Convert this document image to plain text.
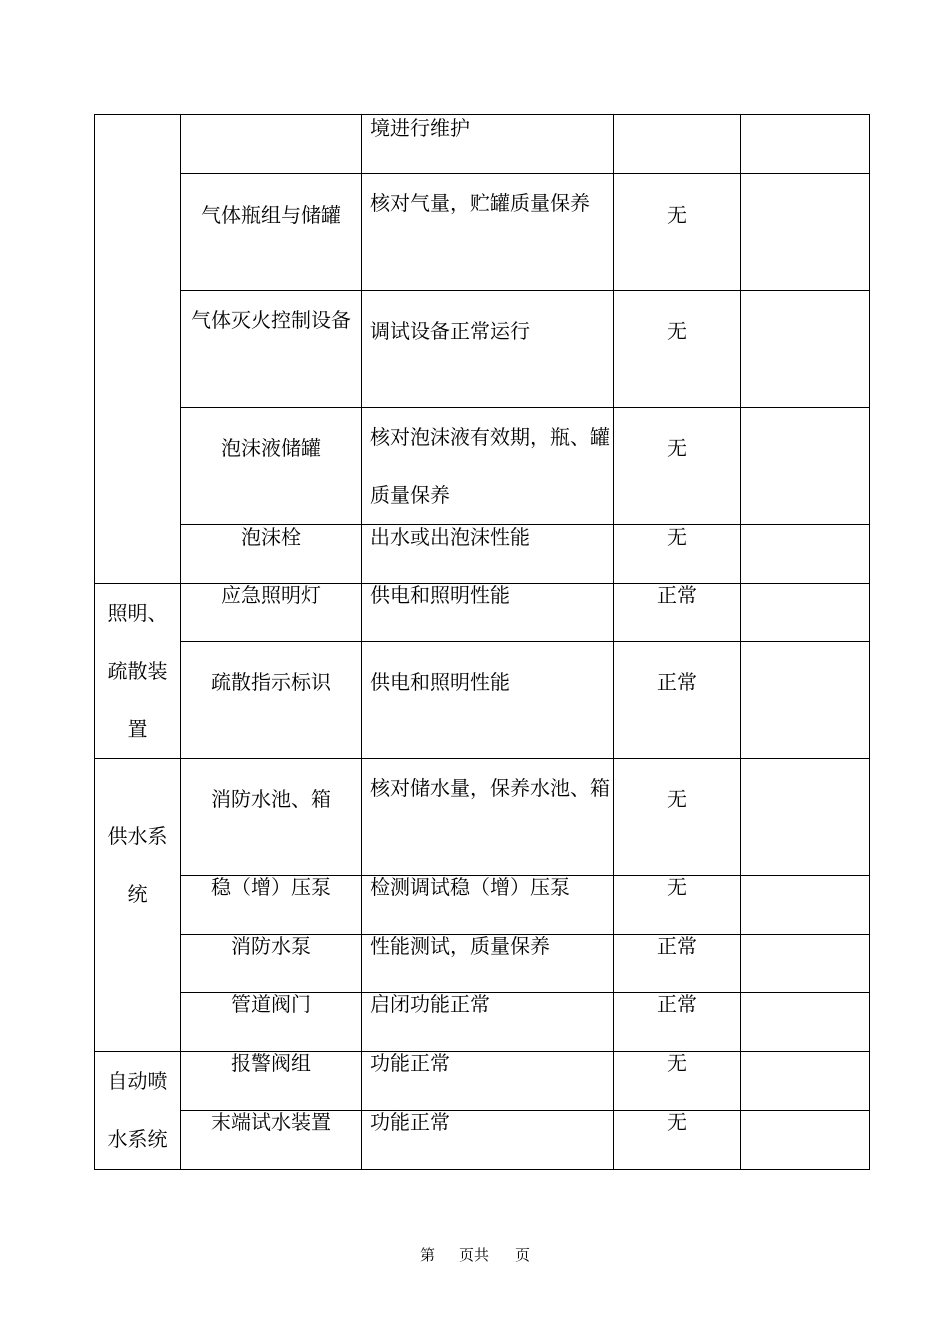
		境进行维护		
	气体瓶组与储罐	核对气量，贮罐质量保养	无	
	气体灭火控制设备	调试设备正常运行	无	
	泡沫液储罐	核对泡沫液有效期，瓶、罐质量保养	无	
	泡沫栓	出水或出泡沫性能	无	
照明、疏散装置	应急照明灯	供电和照明性能	正常	
	疏散指示标识	供电和照明性能	正常	
供水系统	消防水池、箱	核对储水量，保养水池、箱	无	
	稳（增）压泵	检测调试稳（增）压泵	无	
	消防水泵	性能测试，质量保养	正常	
	管道阀门	启闭功能正常	正常	
自动喷水系统	报警阀组	功能正常	无	
	末端试水装置	功能正常	无	
第 页共 页
